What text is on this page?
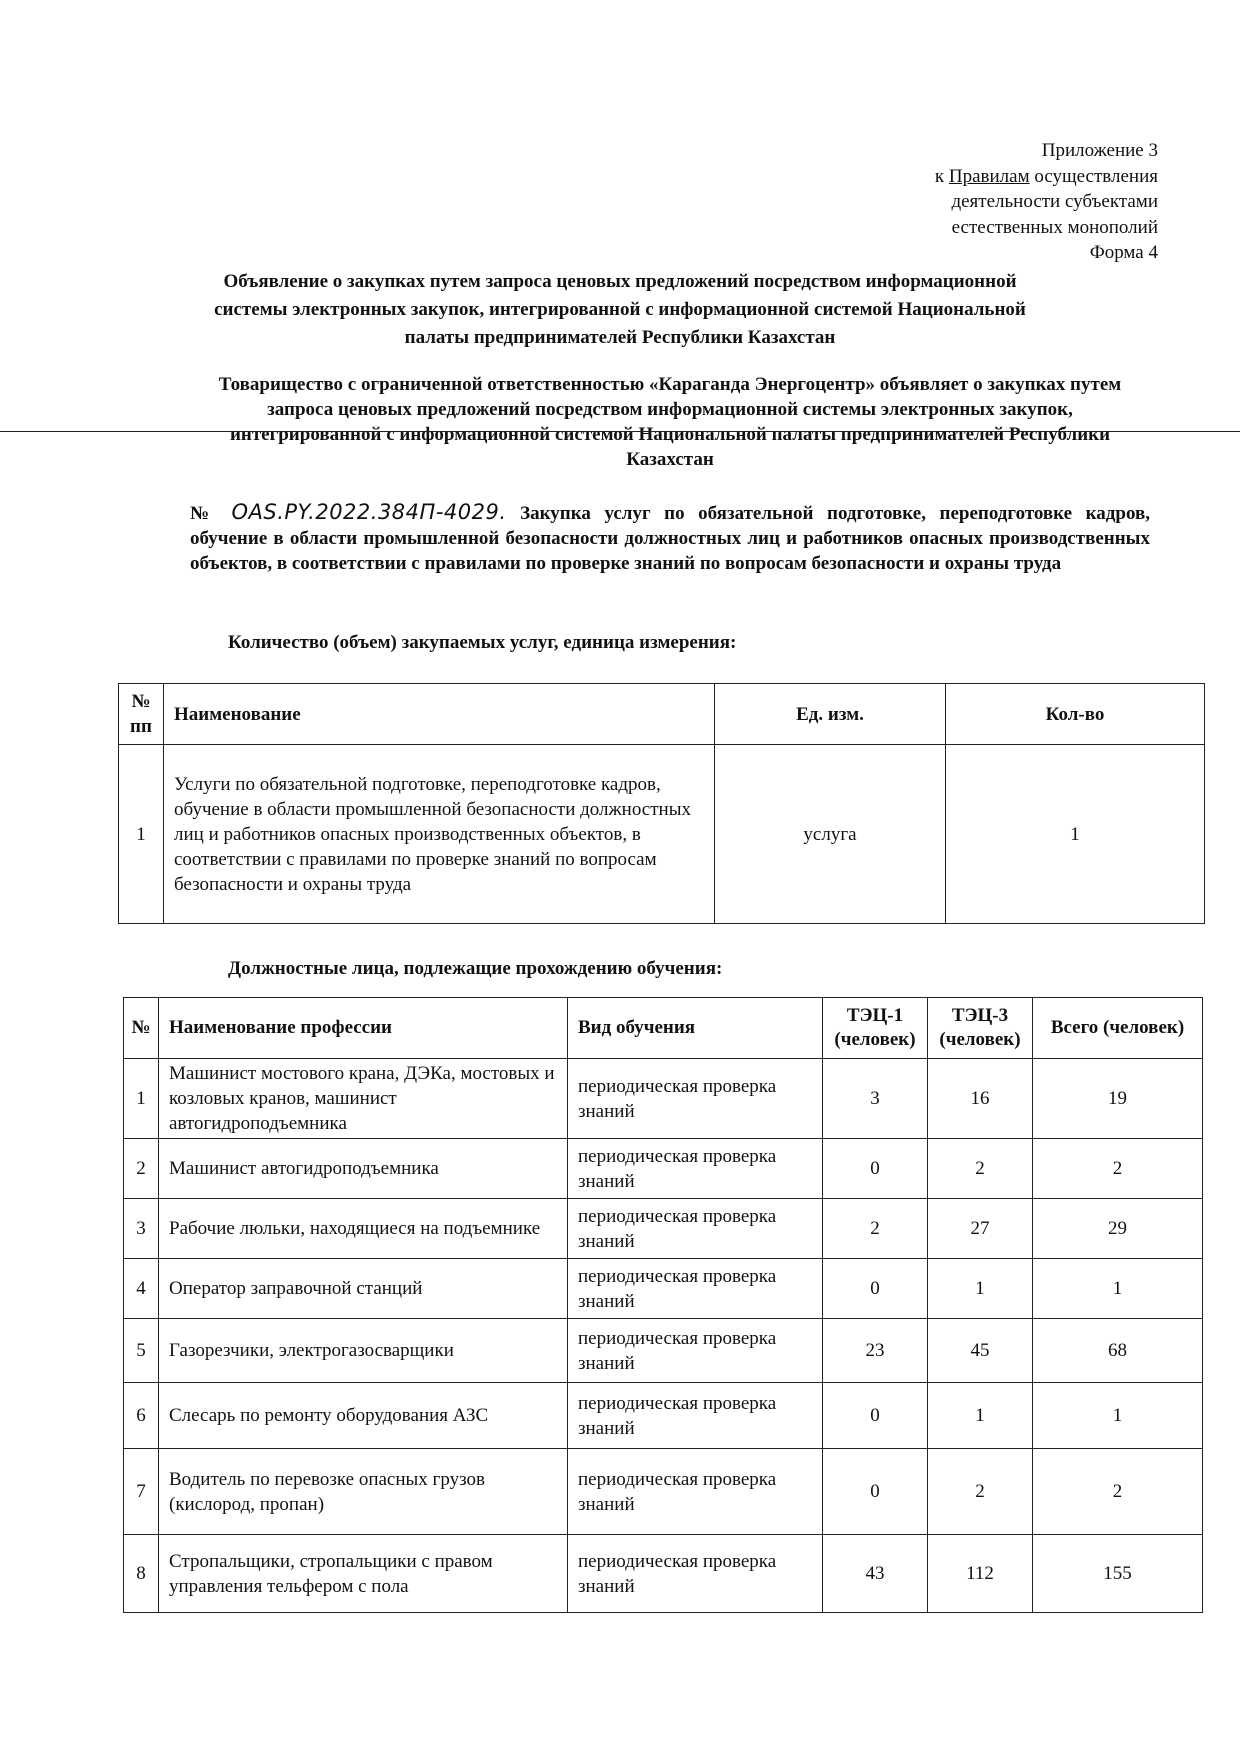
Приложение 3
к Правилам осуществления
деятельности субъектами
естественных монополий
Форма 4
Объявление о закупках путем запроса ценовых предложений посредством информационной системы электронных закупок, интегрированной с информационной системой Национальной палаты предпринимателей Республики Казахстан
Товарищество с ограниченной ответственностью «Караганда Энергоцентр» объявляет о закупках путем запроса ценовых предложений посредством информационной системы электронных закупок, интегрированной с информационной системой Национальной палаты предпринимателей Республики Казахстан
№ OAS.PY.2022.384П-4029. Закупка услуг по обязательной подготовке, переподготовке кадров, обучение в области промышленной безопасности должностных лиц и работников опасных производственных объектов, в соответствии с правилами по проверке знаний по вопросам безопасности и охраны труда
Количество (объем) закупаемых услуг, единица измерения:
№ пп	Наименование	Ед. изм.	Кол-во
1	Услуги по обязательной подготовке, переподготовке кадров, обучение в области промышленной безопасности должностных лиц и работников опасных производственных объектов, в соответствии с правилами по проверке знаний по вопросам безопасности и охраны труда	услуга	1
Должностные лица, подлежащие прохождению обучения:
№	Наименование профессии	Вид обучения	ТЭЦ-1 (человек)	ТЭЦ-3 (человек)	Всего (человек)
1	Машинист мостового крана, ДЭКа, мостовых и козловых кранов, машинист автогидроподъемника	периодическая проверка знаний	3	16	19
2	Машинист автогидроподъемника	периодическая проверка знаний	0	2	2
3	Рабочие люльки, находящиеся на подъемнике	периодическая проверка знаний	2	27	29
4	Оператор заправочной станций	периодическая проверка знаний	0	1	1
5	Газорезчики, электрогазосварщики	периодическая проверка знаний	23	45	68
6	Слесарь по ремонту оборудования АЗС	периодическая проверка знаний	0	1	1
7	Водитель по перевозке опасных грузов (кислород, пропан)	периодическая проверка знаний	0	2	2
8	Стропальщики, стропальщики с правом управления тельфером с пола	периодическая проверка знаний	43	112	155
